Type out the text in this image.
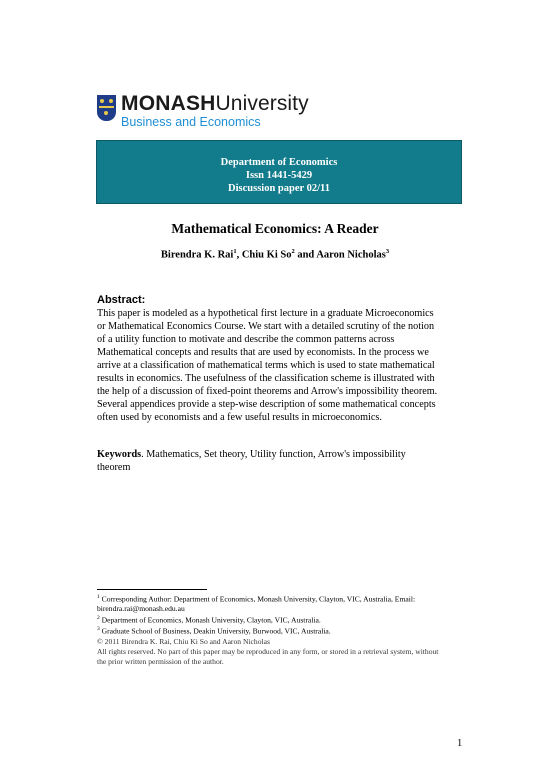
MONASHUniversity
Business and Economics
Department of Economics
Issn 1441-5429
Discussion paper 02/11
Mathematical Economics: A Reader
Birendra K. Rai$^1$, Chiu Ki So$^2$ and Aaron Nicholas$^3$
Abstract:
This paper is modeled as a hypothetical first lecture in a graduate Microeconomics
or Mathematical Economics Course. We start with a detailed scrutiny of the notion
of a utility function to motivate and describe the common patterns across
Mathematical concepts and results that are used by economists. In the process we
arrive at a classification of mathematical terms which is used to state mathematical
results in economics. The usefulness of the classification scheme is illustrated with
the help of a discussion of fixed-point theorems and Arrow's impossibility theorem.
Several appendices provide a step-wise description of some mathematical concepts
often used by economists and a few useful results in microeconomics.
Keywords. Mathematics, Set theory, Utility function, Arrow's impossibility
theorem
$^1$ Corresponding Author: Department of Economics, Monash University, Clayton, VIC, Australia, Email:
birendra.rai@monash.edu.au
$^2$ Department of Economics, Monash University, Clayton, VIC, Australia.
$^3$ Graduate School of Business, Deakin University, Burwood, VIC, Australia.
© 2011 Birendra K. Rai, Chiu Ki So and Aaron Nicholas
All rights reserved. No part of this paper may be reproduced in any form, or stored in a retrieval system, without
the prior written permission of the author.
1
